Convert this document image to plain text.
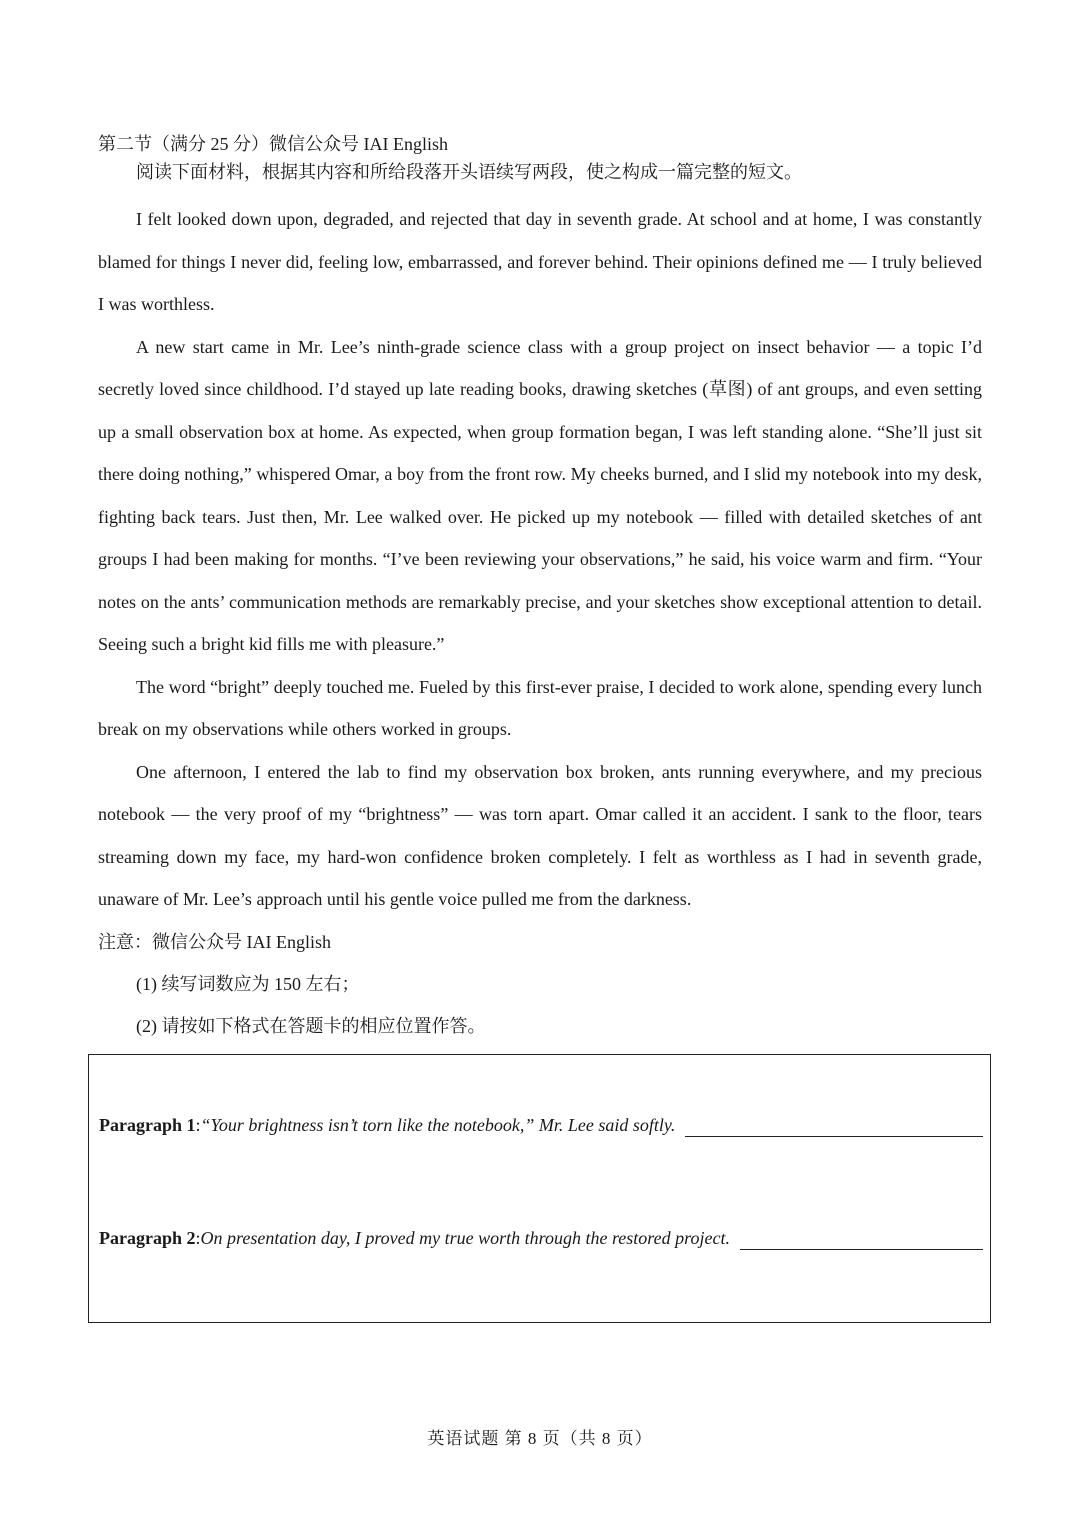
第二节（满分 25 分）微信公众号 IAI English

阅读下面材料，根据其内容和所给段落开头语续写两段，使之构成一篇完整的短文。

I felt looked down upon, degraded, and rejected that day in seventh grade. At school and at home, I was constantly blamed for things I never did, feeling low, embarrassed, and forever behind. Their opinions defined me — I truly believed I was worthless.

A new start came in Mr. Lee’s ninth-grade science class with a group project on insect behavior — a topic I’d secretly loved since childhood. I’d stayed up late reading books, drawing sketches (草图) of ant groups, and even setting up a small observation box at home. As expected, when group formation began, I was left standing alone. “She’ll just sit there doing nothing,” whispered Omar, a boy from the front row. My cheeks burned, and I slid my notebook into my desk, fighting back tears. Just then, Mr. Lee walked over. He picked up my notebook — filled with detailed sketches of ant groups I had been making for months. “I’ve been reviewing your observations,” he said, his voice warm and firm. “Your notes on the ants’ communication methods are remarkably precise, and your sketches show exceptional attention to detail. Seeing such a bright kid fills me with pleasure.”

The word “bright” deeply touched me. Fueled by this first-ever praise, I decided to work alone, spending every lunch break on my observations while others worked in groups.

One afternoon, I entered the lab to find my observation box broken, ants running everywhere, and my precious notebook — the very proof of my “brightness” — was torn apart. Omar called it an accident. I sank to the floor, tears streaming down my face, my hard-won confidence broken completely. I felt as worthless as I had in seventh grade, unaware of Mr. Lee’s approach until his gentle voice pulled me from the darkness.

注意：微信公众号 IAI English

(1) 续写词数应为 150 左右；

(2) 请按如下格式在答题卡的相应位置作答。

Paragraph 1 : “Your brightness isn’t torn like the notebook,” Mr. Lee said softly.
Paragraph 2 : On presentation day, I proved my true worth through the restored project.
英语试题 第 8 页（共 8 页）
